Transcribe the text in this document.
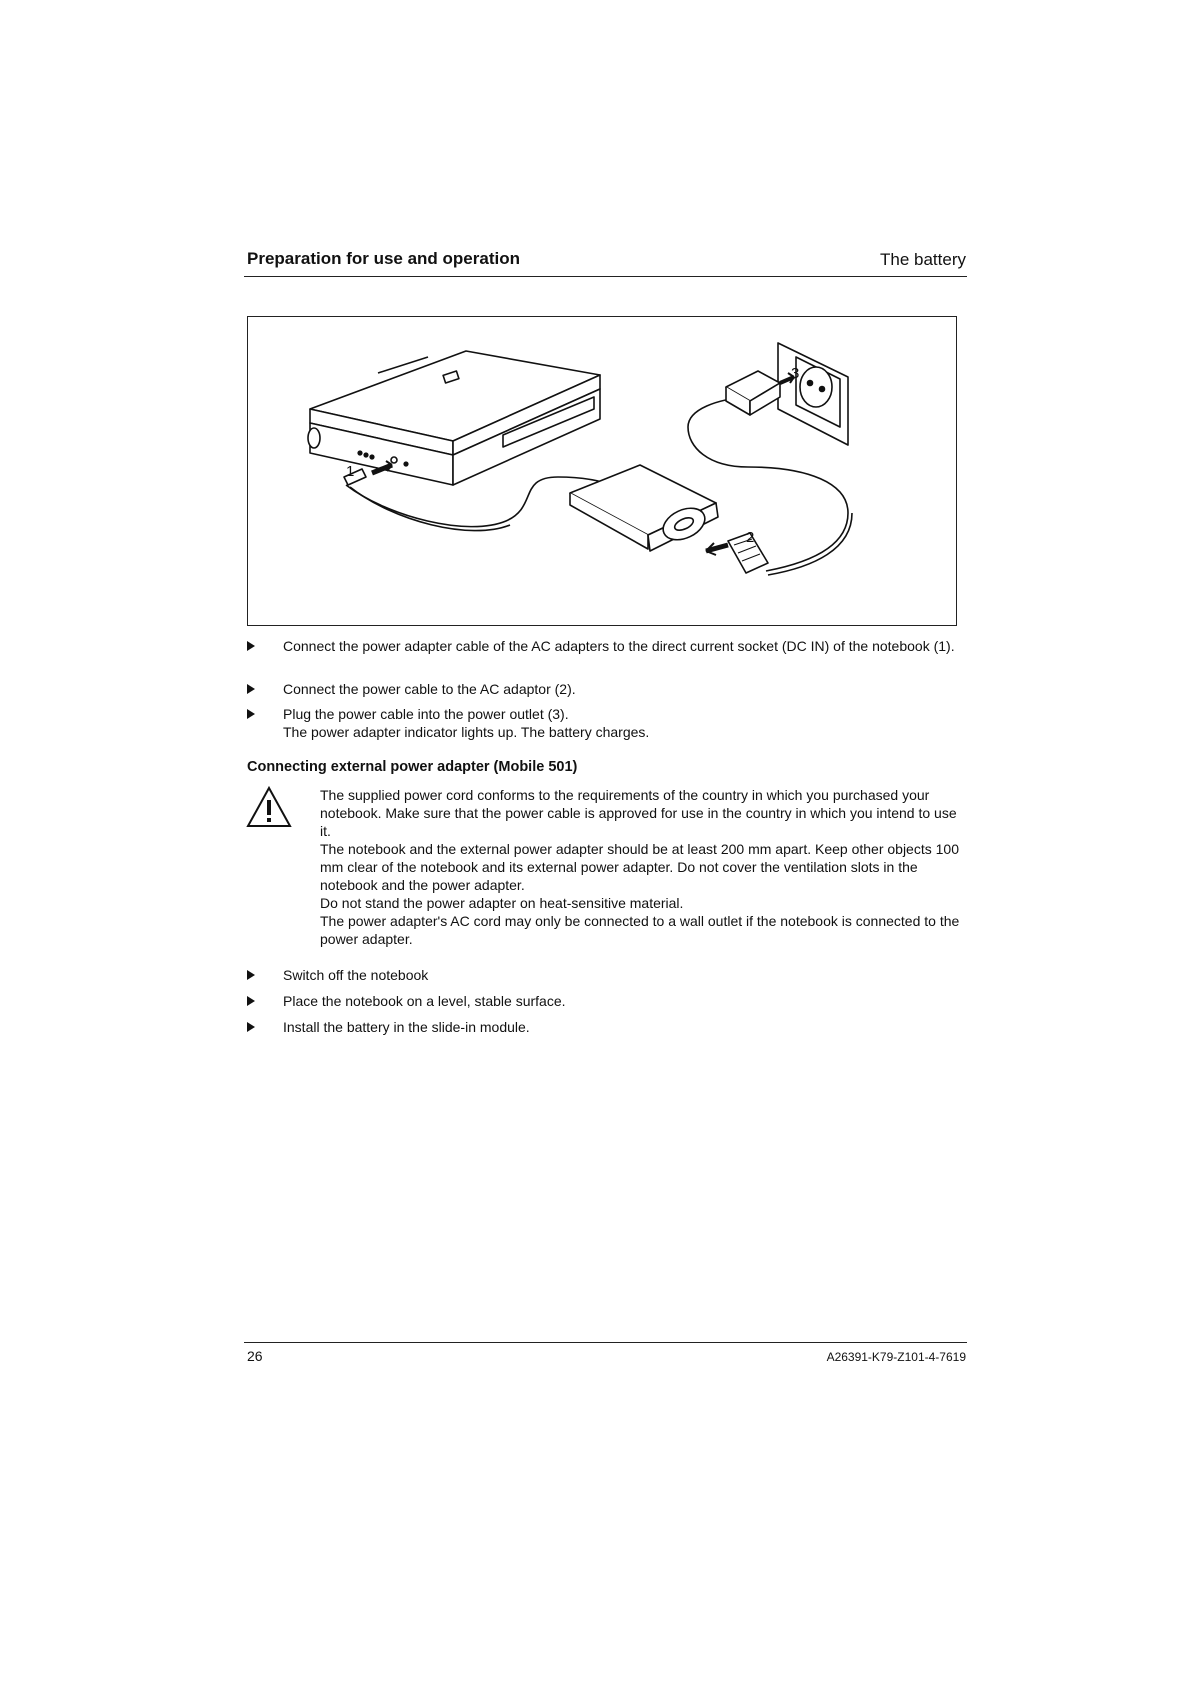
Preparation for use and operation	The battery
1
2
3
Connect the power adapter cable of the AC adapters to the direct current socket (DC IN) of the notebook (1).
Connect the power cable to the AC adaptor (2).
Plug the power cable into the power outlet (3).
The power adapter indicator lights up. The battery charges.
Connecting external power adapter (Mobile 501)

The supplied power cord conforms to the requirements of the country in which you purchased your notebook. Make sure that the power cable is approved for use in the country in which you intend to use it.

The notebook and the external power adapter should be at least 200 mm apart. Keep other objects 100 mm clear of the notebook and its external power adapter. Do not cover the ventilation slots in the notebook and the power adapter.

Do not stand the power adapter on heat-sensitive material.

The power adapter's AC cord may only be connected to a wall outlet if the notebook is connected to the power adapter.

Switch off the notebook
Place the notebook on a level, stable surface.
Install the battery in the slide-in module.
26	A26391-K79-Z101-4-7619
